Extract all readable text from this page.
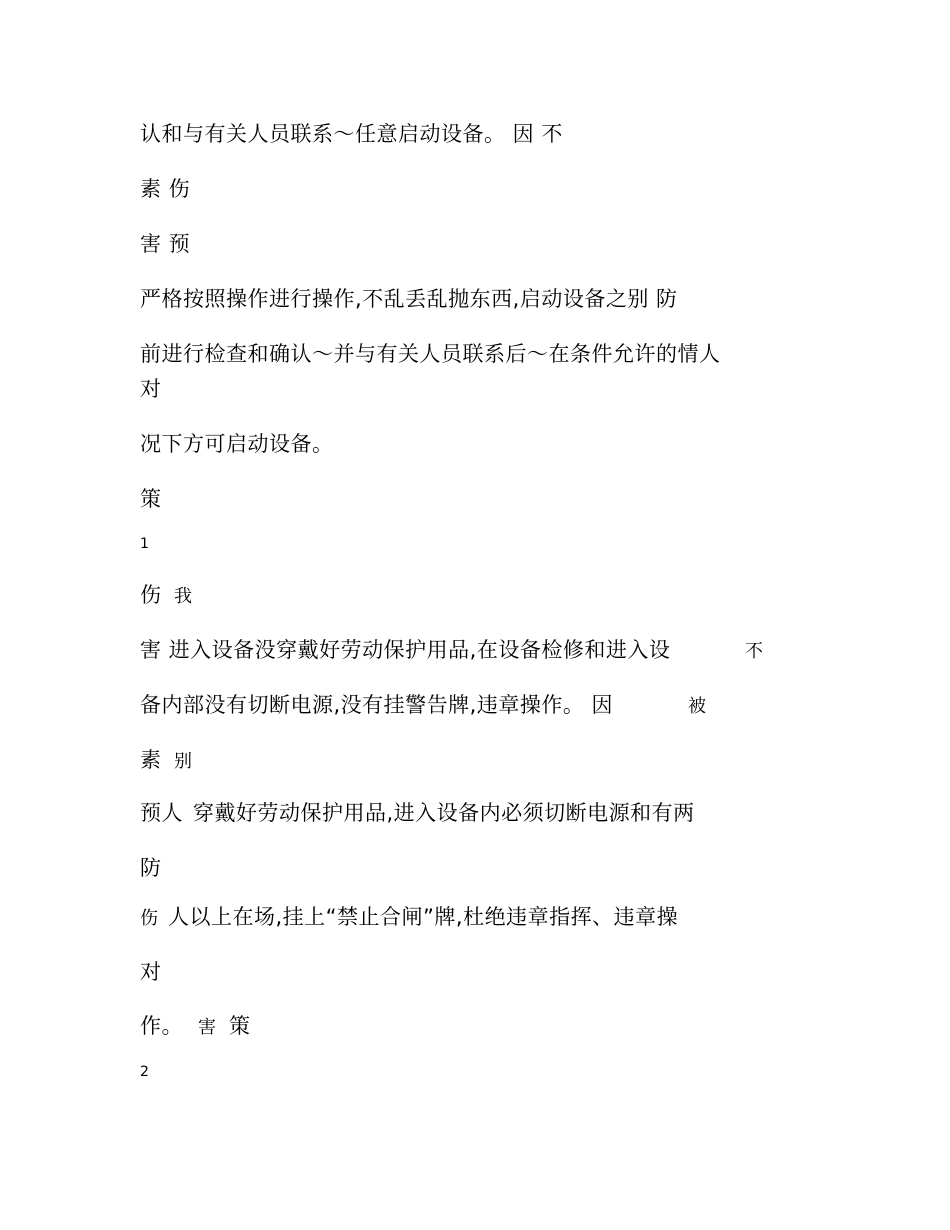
认和与有关人员联系～任意启动设备。 因 不
素 伤
害 预
严格按照操作进行操作,不乱丢乱抛东西,启动设备之别 防
前进行检查和确认～并与有关人员联系后～在条件允许的情人
对
况下方可启动设备。
策
1
伤 我
害 进入设备没穿戴好劳动保护用品,在设备检修和进入设	不
备内部没有切断电源,没有挂警告牌,违章操作。 因	被
素 别
预人 穿戴好劳动保护用品,进入设备内必须切断电源和有两
防
伤 人以上在场,挂上“禁止合闸”牌,杜绝违章指挥、违章操
对
作。 害 策
2
